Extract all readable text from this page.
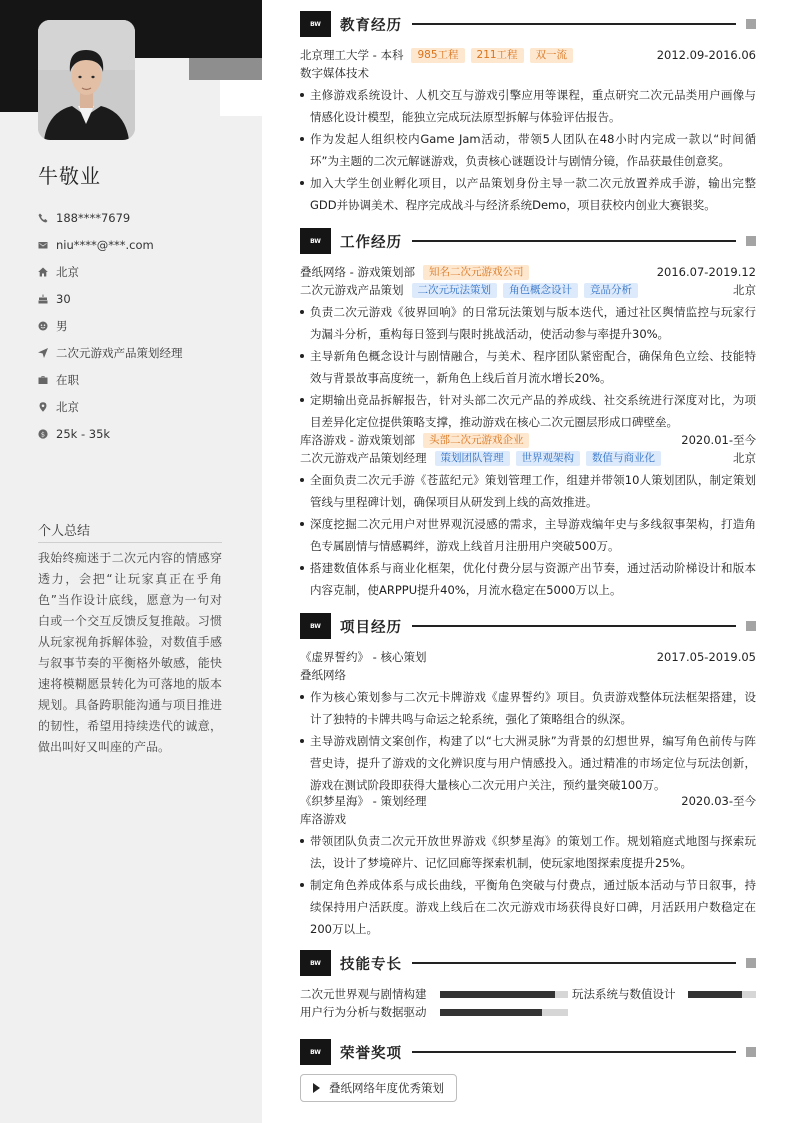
牛敬业
188****7679
niu****@***.com
北京
30
男
二次元游戏产品策划经理
在职
北京
$ 25k - 35k
个人总结
我始终痴迷于二次元内容的情感穿透力，会把“让玩家真正在乎角色”当作设计底线，愿意为一句对白或一个交互反馈反复推敲。习惯从玩家视角拆解体验，对数值手感与叙事节奏的平衡格外敏感，能快速将模糊愿景转化为可落地的版本规划。具备跨职能沟通与项目推进的韧性，希望用持续迭代的诚意，做出叫好又叫座的产品。
BW	教育经历
北京理工大学 - 本科	985工程	211工程	双一流	2012.09-2016.06
数字媒体技术
主修游戏系统设计、人机交互与游戏引擎应用等课程，重点研究二次元品类用户画像与情感化设计模型，能独立完成玩法原型拆解与体验评估报告。
作为发起人组织校内Game Jam活动，带领5人团队在48小时内完成一款以“时间循环”为主题的二次元解谜游戏，负责核心谜题设计与剧情分镜，作品获最佳创意奖。
加入大学生创业孵化项目，以产品策划身份主导一款二次元放置养成手游，输出完整GDD并协调美术、程序完成战斗与经济系统Demo，项目获校内创业大赛银奖。
BW	工作经历
叠纸网络 - 游戏策划部	知名二次元游戏公司	2016.07-2019.12
二次元游戏产品策划	二次元玩法策划	角色概念设计	竞品分析	北京
负责二次元游戏《彼界回响》的日常玩法策划与版本迭代，通过社区舆情监控与玩家行为漏斗分析，重构每日签到与限时挑战活动，使活动参与率提升30%。
主导新角色概念设计与剧情融合，与美术、程序团队紧密配合，确保角色立绘、技能特效与背景故事高度统一，新角色上线后首月流水增长20%。
定期输出竞品拆解报告，针对头部二次元产品的养成线、社交系统进行深度对比，为项目差异化定位提供策略支撑，推动游戏在核心二次元圈层形成口碑壁垒。
库洛游戏 - 游戏策划部	头部二次元游戏企业	2020.01-至今
二次元游戏产品策划经理	策划团队管理	世界观架构	数值与商业化	北京
全面负责二次元手游《苍蓝纪元》策划管理工作，组建并带领10人策划团队，制定策划管线与里程碑计划，确保项目从研发到上线的高效推进。
深度挖掘二次元用户对世界观沉浸感的需求，主导游戏编年史与多线叙事架构，打造角色专属剧情与情感羁绊，游戏上线首月注册用户突破500万。
搭建数值体系与商业化框架，优化付费分层与资源产出节奏，通过活动阶梯设计和版本内容克制，使ARPPU提升40%，月流水稳定在5000万以上。
BW	项目经历
《虚界誓约》 - 核心策划	2017.05-2019.05
叠纸网络
作为核心策划参与二次元卡牌游戏《虚界誓约》项目。负责游戏整体玩法框架搭建，设计了独特的卡牌共鸣与命运之轮系统，强化了策略组合的纵深。
主导游戏剧情文案创作，构建了以“七大洲灵脉”为背景的幻想世界，编写角色前传与阵营史诗，提升了游戏的文化辨识度与用户情感投入。通过精准的市场定位与玩法创新，游戏在测试阶段即获得大量核心二次元用户关注，预约量突破100万。
《织梦星海》 - 策划经理	2020.03-至今
库洛游戏
带领团队负责二次元开放世界游戏《织梦星海》的策划工作。规划箱庭式地图与探索玩法，设计了梦境碎片、记忆回廊等探索机制，使玩家地图探索度提升25%。
制定角色养成体系与成长曲线，平衡角色突破与付费点，通过版本活动与节日叙事，持续保持用户活跃度。游戏上线后在二次元游戏市场获得良好口碑，月活跃用户数稳定在200万以上。
BW	技能专长
二次元世界观与剧情构建	玩法系统与数值设计
用户行为分析与数据驱动
BW	荣誉奖项
叠纸网络年度优秀策划
